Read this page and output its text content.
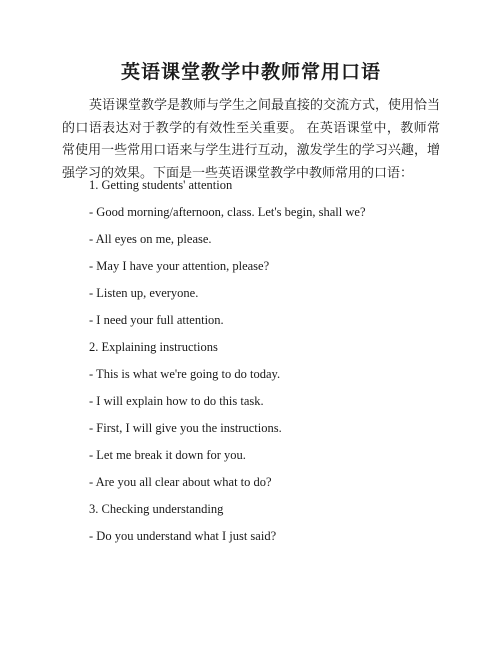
英语课堂教学中教师常用口语

英语课堂教学是教师与学生之间最直接的交流方式，使用恰当的口语表达对于教学的有效性至关重要。 在英语课堂中，教师常常使用一些常用口语来与学生进行互动，激发学生的学习兴趣，增强学习的效果。下面是一些英语课堂教学中教师常用的口语：

1. Getting students' attention
- Good morning/afternoon, class. Let's begin, shall we?
- All eyes on me, please.
- May I have your attention, please?
- Listen up, everyone.
- I need your full attention.
2. Explaining instructions
- This is what we're going to do today.
- I will explain how to do this task.
- First, I will give you the instructions.
- Let me break it down for you.
- Are you all clear about what to do?
3. Checking understanding
- Do you understand what I just said?
